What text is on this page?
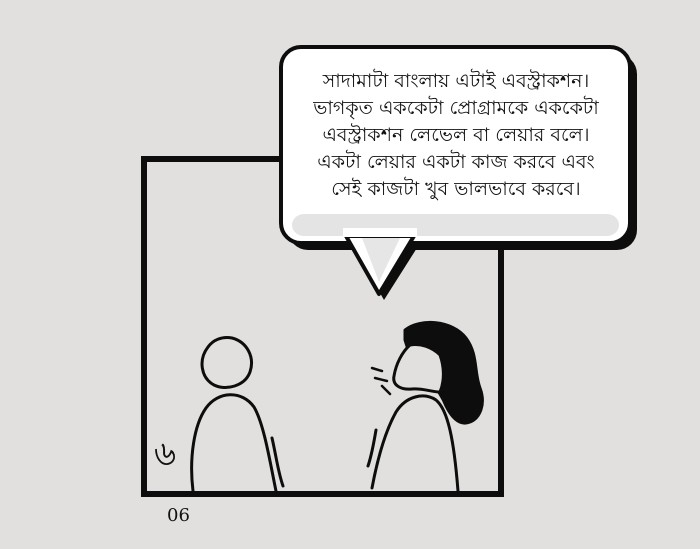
৬
সাদামাটা বাংলায় এটাই এবস্ট্রাকশন।
ভাগকৃত এককেটা প্রোগ্রামকে এককেটা
এবস্ট্রাকশন লেভেল বা লেয়ার বলে।
একটা লেয়ার একটা কাজ করবে এবং
সেই কাজটা খুব ভালভাবে করবে।
06
